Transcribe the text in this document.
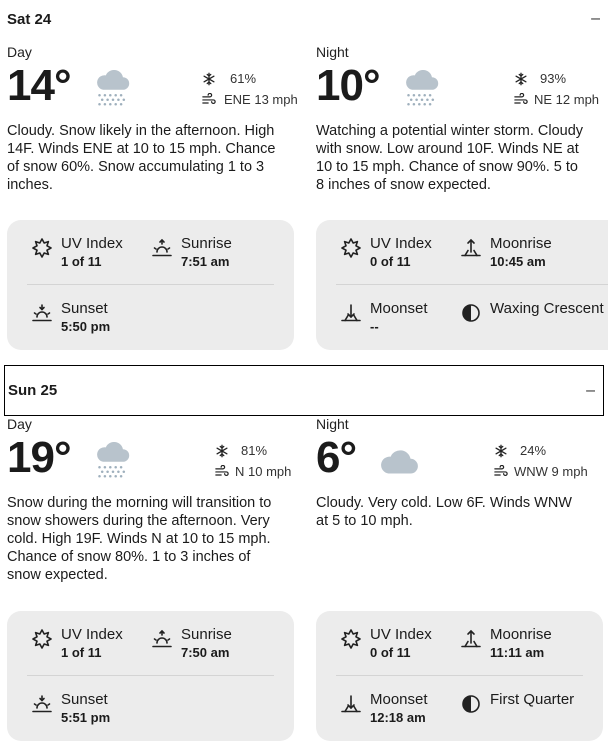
Sat 24	–
Day
14°	61%
ENE 13 mph
Cloudy. Snow likely in the afternoon. High 14F. Winds ENE at 10 to 15 mph. Chance of snow 60%. Snow accumulating 1 to 3 inches.
Night
10°	93%
NE 12 mph
Watching a potential winter storm. Cloudy with snow. Low around 10F. Winds NE at 10 to 15 mph. Chance of snow 90%. 5 to 8 inches of snow expected.
UV Index
1 of 11
Sunrise
7:51 am
Sunset
5:50 pm
UV Index
0 of 11
Moonrise
10:45 am
Moonset
--
Waxing Crescent
Sun 25	–
Day
19°	81%
N 10 mph
Snow during the morning will transition to snow showers during the afternoon. Very cold. High 19F. Winds N at 10 to 15 mph. Chance of snow 80%. 1 to 3 inches of snow expected.
Night
6°	24%
WNW 9 mph
Cloudy. Very cold. Low 6F. Winds WNW at 5 to 10 mph.
UV Index
1 of 11
Sunrise
7:50 am
Sunset
5:51 pm
UV Index
0 of 11
Moonrise
11:11 am
Moonset
12:18 am
First Quarter
